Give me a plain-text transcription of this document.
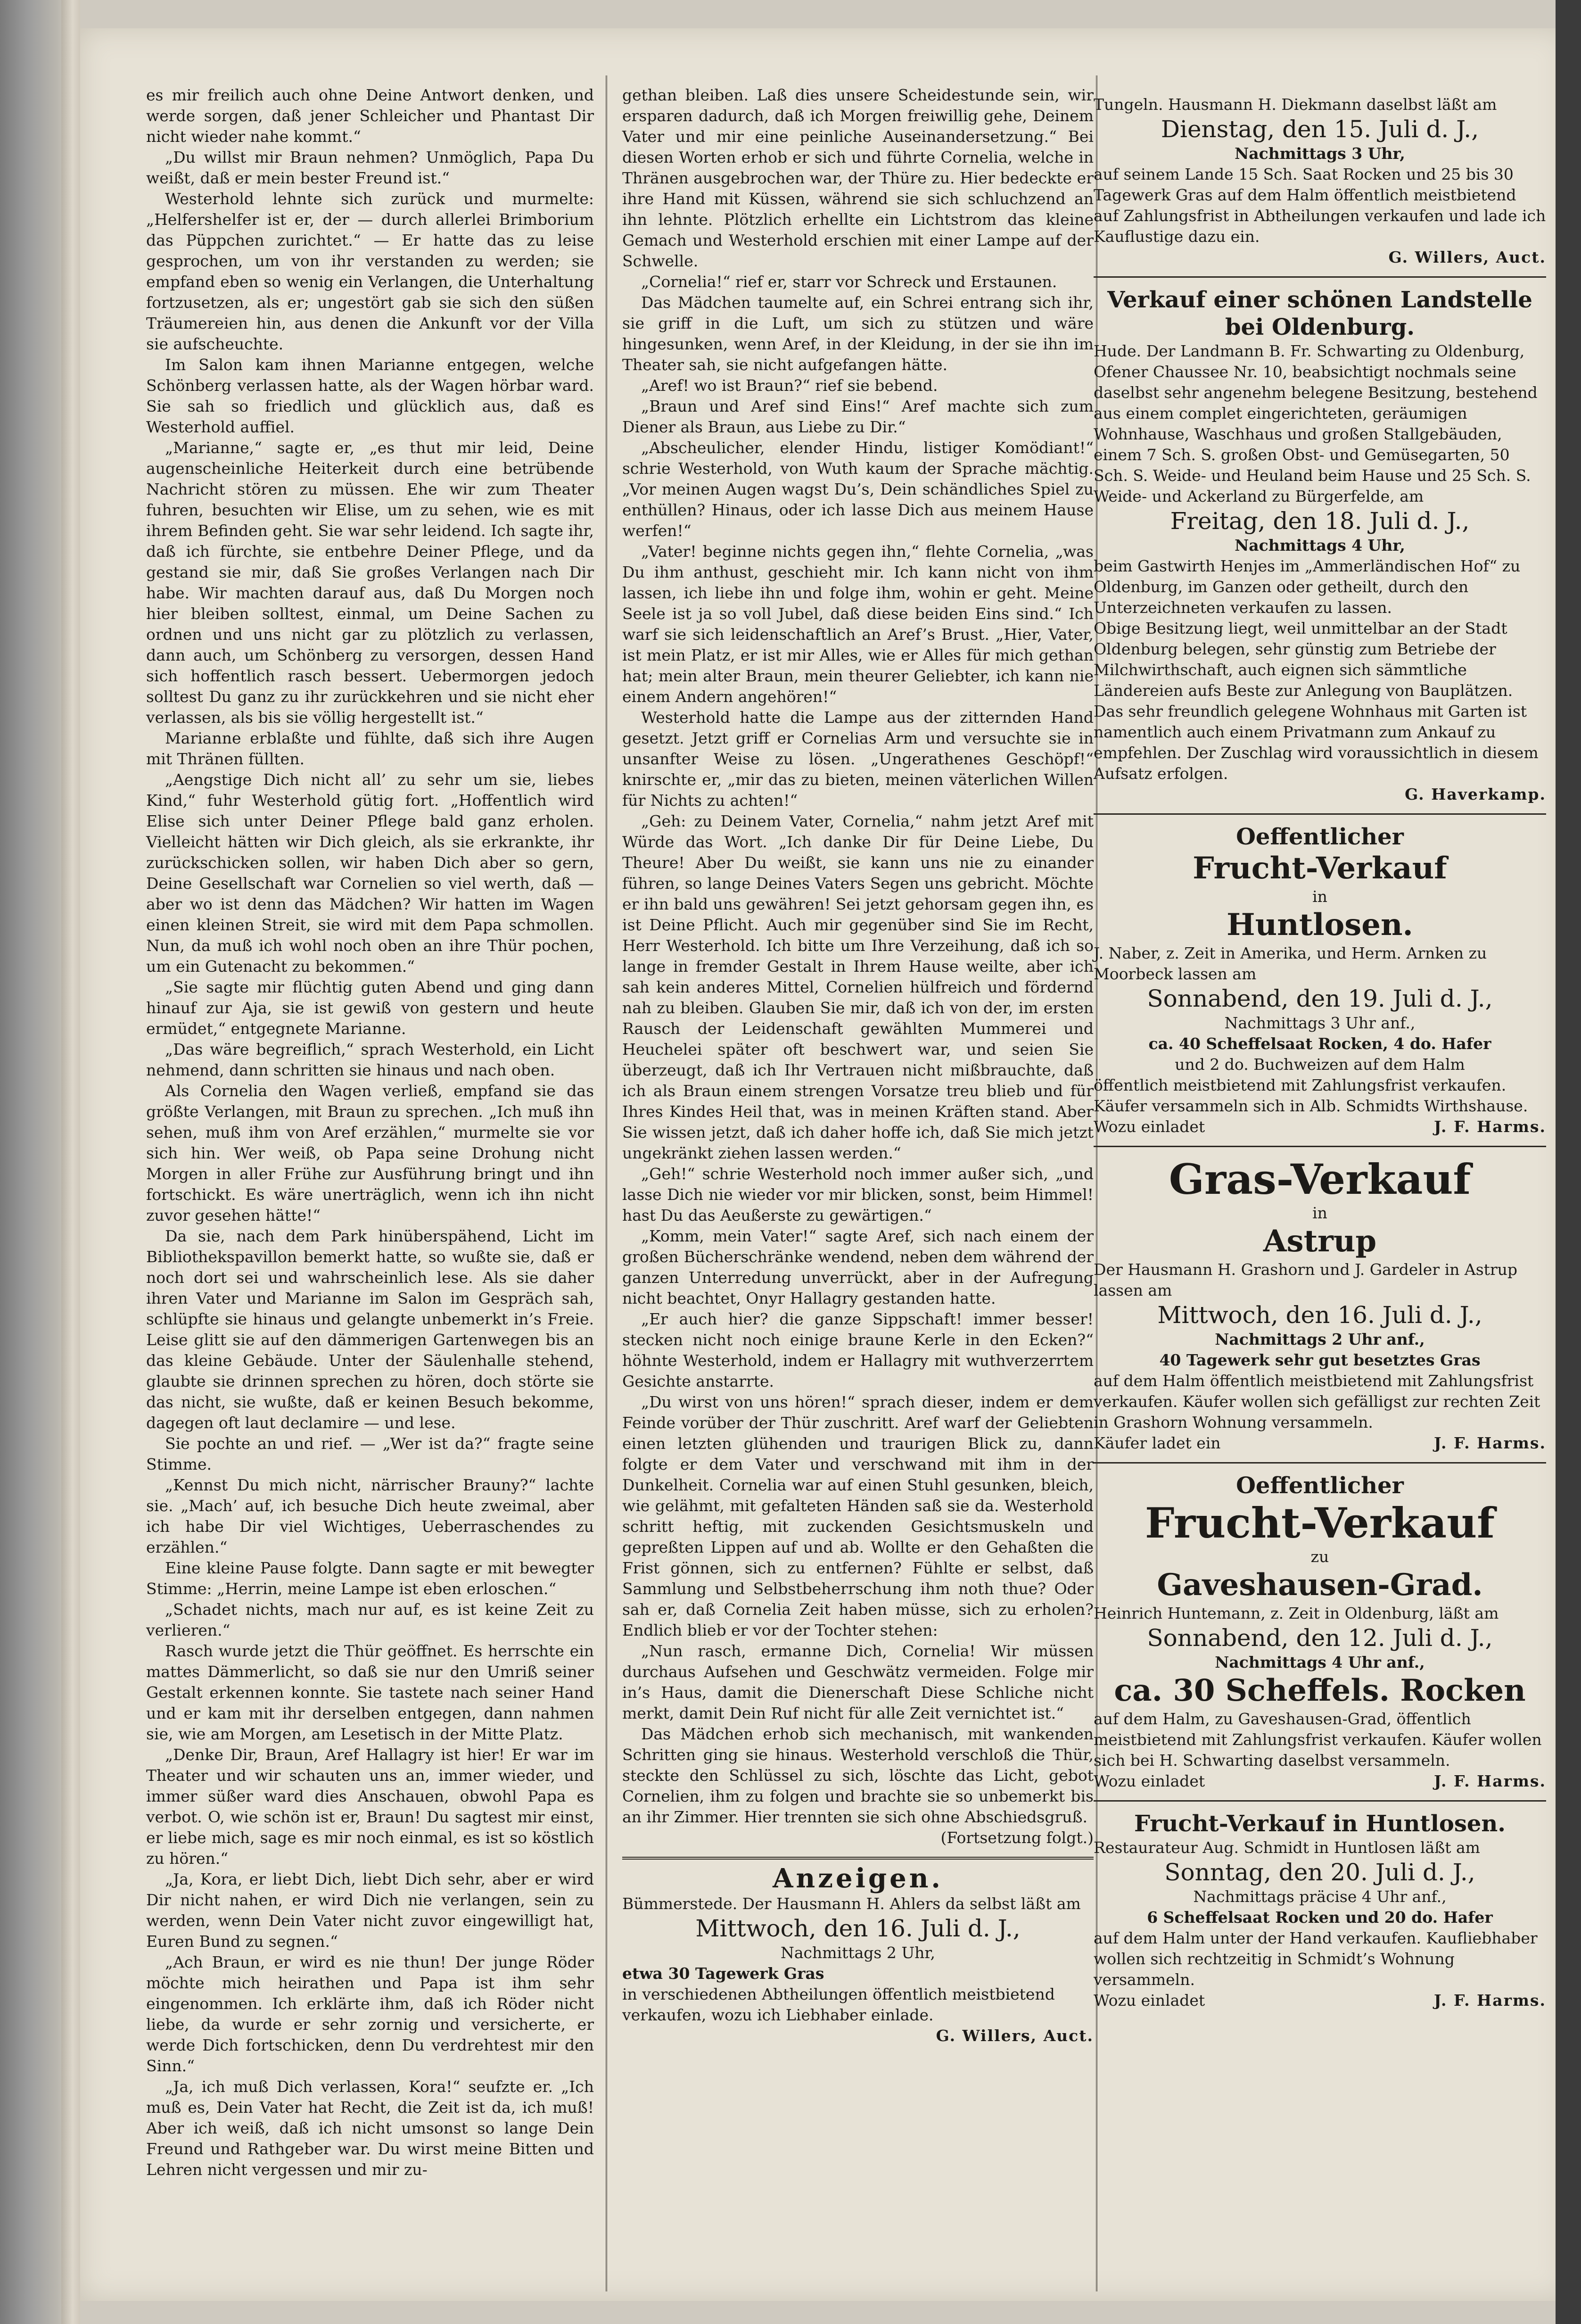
es mir freilich auch ohne Deine Antwort denken, und werde sorgen, daß jener Schleicher und Phantast Dir nicht wieder nahe kommt.“

„Du willst mir Braun nehmen? Unmöglich, Papa Du weißt, daß er mein bester Freund ist.“

Westerhold lehnte sich zurück und murmelte: „Helfershelfer ist er, der — durch allerlei Brimborium das Püppchen zurichtet.“ — Er hatte das zu leise gesprochen, um von ihr verstanden zu werden; sie empfand eben so wenig ein Verlangen, die Unterhaltung fortzusetzen, als er; ungestört gab sie sich den süßen Träumereien hin, aus denen die Ankunft vor der Villa sie aufscheuchte.

Im Salon kam ihnen Marianne entgegen, welche Schönberg verlassen hatte, als der Wagen hörbar ward. Sie sah so friedlich und glücklich aus, daß es Westerhold auffiel.

„Marianne,“ sagte er, „es thut mir leid, Deine augenscheinliche Heiterkeit durch eine betrübende Nachricht stören zu müssen. Ehe wir zum Theater fuhren, besuchten wir Elise, um zu sehen, wie es mit ihrem Befinden geht. Sie war sehr leidend. Ich sagte ihr, daß ich fürchte, sie entbehre Deiner Pflege, und da gestand sie mir, daß Sie großes Verlangen nach Dir habe. Wir machten darauf aus, daß Du Morgen noch hier bleiben solltest, einmal, um Deine Sachen zu ordnen und uns nicht gar zu plötzlich zu verlassen, dann auch, um Schönberg zu versorgen, dessen Hand sich hoffentlich rasch bessert. Uebermorgen jedoch solltest Du ganz zu ihr zurückkehren und sie nicht eher verlassen, als bis sie völlig hergestellt ist.“

Marianne erblaßte und fühlte, daß sich ihre Augen mit Thränen füllten.

„Aengstige Dich nicht all’ zu sehr um sie, liebes Kind,“ fuhr Westerhold gütig fort. „Hoffentlich wird Elise sich unter Deiner Pflege bald ganz erholen. Vielleicht hätten wir Dich gleich, als sie erkrankte, ihr zurückschicken sollen, wir haben Dich aber so gern, Deine Gesellschaft war Cornelien so viel werth, daß — aber wo ist denn das Mädchen? Wir hatten im Wagen einen kleinen Streit, sie wird mit dem Papa schmollen. Nun, da muß ich wohl noch oben an ihre Thür pochen, um ein Gutenacht zu bekommen.“

„Sie sagte mir flüchtig guten Abend und ging dann hinauf zur Aja, sie ist gewiß von gestern und heute ermüdet,“ entgegnete Marianne.

„Das wäre begreiflich,“ sprach Westerhold, ein Licht nehmend, dann schritten sie hinaus und nach oben.

Als Cornelia den Wagen verließ, empfand sie das größte Verlangen, mit Braun zu sprechen. „Ich muß ihn sehen, muß ihm von Aref erzählen,“ murmelte sie vor sich hin. Wer weiß, ob Papa seine Drohung nicht Morgen in aller Frühe zur Ausführung bringt und ihn fortschickt. Es wäre unerträglich, wenn ich ihn nicht zuvor gesehen hätte!“

Da sie, nach dem Park hinüberspähend, Licht im Bibliothekspavillon bemerkt hatte, so wußte sie, daß er noch dort sei und wahrscheinlich lese. Als sie daher ihren Vater und Marianne im Salon im Gespräch sah, schlüpfte sie hinaus und gelangte unbemerkt in’s Freie. Leise glitt sie auf den dämmerigen Gartenwegen bis an das kleine Gebäude. Unter der Säulenhalle stehend, glaubte sie drinnen sprechen zu hören, doch störte sie das nicht, sie wußte, daß er keinen Besuch bekomme, dagegen oft laut declamire — und lese.

Sie pochte an und rief. — „Wer ist da?“ fragte seine Stimme.

„Kennst Du mich nicht, närrischer Brauny?“ lachte sie. „Mach’ auf, ich besuche Dich heute zweimal, aber ich habe Dir viel Wichtiges, Ueberraschendes zu erzählen.“

Eine kleine Pause folgte. Dann sagte er mit bewegter Stimme: „Herrin, meine Lampe ist eben erloschen.“

„Schadet nichts, mach nur auf, es ist keine Zeit zu verlieren.“

Rasch wurde jetzt die Thür geöffnet. Es herrschte ein mattes Dämmerlicht, so daß sie nur den Umriß seiner Gestalt erkennen konnte. Sie tastete nach seiner Hand und er kam mit ihr derselben entgegen, dann nahmen sie, wie am Morgen, am Lesetisch in der Mitte Platz.

„Denke Dir, Braun, Aref Hallagry ist hier! Er war im Theater und wir schauten uns an, immer wieder, und immer süßer ward dies Anschauen, obwohl Papa es verbot. O, wie schön ist er, Braun! Du sagtest mir einst, er liebe mich, sage es mir noch einmal, es ist so köstlich zu hören.“

„Ja, Kora, er liebt Dich, liebt Dich sehr, aber er wird Dir nicht nahen, er wird Dich nie verlangen, sein zu werden, wenn Dein Vater nicht zuvor eingewilligt hat, Euren Bund zu segnen.“

„Ach Braun, er wird es nie thun! Der junge Röder möchte mich heirathen und Papa ist ihm sehr eingenommen. Ich erklärte ihm, daß ich Röder nicht liebe, da wurde er sehr zornig und versicherte, er werde Dich fortschicken, denn Du verdrehtest mir den Sinn.“

„Ja, ich muß Dich verlassen, Kora!“ seufzte er. „Ich muß es, Dein Vater hat Recht, die Zeit ist da, ich muß! Aber ich weiß, daß ich nicht umsonst so lange Dein Freund und Rathgeber war. Du wirst meine Bitten und Lehren nicht vergessen und mir zu-

gethan bleiben. Laß dies unsere Scheidestunde sein, wir ersparen dadurch, daß ich Morgen freiwillig gehe, Deinem Vater und mir eine peinliche Auseinandersetzung.“ Bei diesen Worten erhob er sich und führte Cornelia, welche in Thränen ausgebrochen war, der Thüre zu. Hier bedeckte er ihre Hand mit Küssen, während sie sich schluchzend an ihn lehnte. Plötzlich erhellte ein Lichtstrom das kleine Gemach und Westerhold erschien mit einer Lampe auf der Schwelle.

„Cornelia!“ rief er, starr vor Schreck und Erstaunen.

Das Mädchen taumelte auf, ein Schrei entrang sich ihr, sie griff in die Luft, um sich zu stützen und wäre hingesunken, wenn Aref, in der Kleidung, in der sie ihn im Theater sah, sie nicht aufgefangen hätte.

„Aref! wo ist Braun?“ rief sie bebend.

„Braun und Aref sind Eins!“ Aref machte sich zum Diener als Braun, aus Liebe zu Dir.“

„Abscheulicher, elender Hindu, listiger Komödiant!“ schrie Westerhold, von Wuth kaum der Sprache mächtig. „Vor meinen Augen wagst Du’s, Dein schändliches Spiel zu enthüllen? Hinaus, oder ich lasse Dich aus meinem Hause werfen!“

„Vater! beginne nichts gegen ihn,“ flehte Cornelia, „was Du ihm anthust, geschieht mir. Ich kann nicht von ihm lassen, ich liebe ihn und folge ihm, wohin er geht. Meine Seele ist ja so voll Jubel, daß diese beiden Eins sind.“ Ich warf sie sich leidenschaftlich an Aref’s Brust. „Hier, Vater, ist mein Platz, er ist mir Alles, wie er Alles für mich gethan hat; mein alter Braun, mein theurer Geliebter, ich kann nie einem Andern angehören!“

Westerhold hatte die Lampe aus der zitternden Hand gesetzt. Jetzt griff er Cornelias Arm und versuchte sie in unsanfter Weise zu lösen. „Ungerathenes Geschöpf!“ knirschte er, „mir das zu bieten, meinen väterlichen Willen für Nichts zu achten!“

„Geh: zu Deinem Vater, Cornelia,“ nahm jetzt Aref mit Würde das Wort. „Ich danke Dir für Deine Liebe, Du Theure! Aber Du weißt, sie kann uns nie zu einander führen, so lange Deines Vaters Segen uns gebricht. Möchte er ihn bald uns gewähren! Sei jetzt gehorsam gegen ihn, es ist Deine Pflicht. Auch mir gegenüber sind Sie im Recht, Herr Westerhold. Ich bitte um Ihre Verzeihung, daß ich so lange in fremder Gestalt in Ihrem Hause weilte, aber ich sah kein anderes Mittel, Cornelien hülfreich und fördernd nah zu bleiben. Glauben Sie mir, daß ich von der, im ersten Rausch der Leidenschaft gewählten Mummerei und Heuchelei später oft beschwert war, und seien Sie überzeugt, daß ich Ihr Vertrauen nicht mißbrauchte, daß ich als Braun einem strengen Vorsatze treu blieb und für Ihres Kindes Heil that, was in meinen Kräften stand. Aber Sie wissen jetzt, daß ich daher hoffe ich, daß Sie mich jetzt ungekränkt ziehen lassen werden.“

„Geh!“ schrie Westerhold noch immer außer sich, „und lasse Dich nie wieder vor mir blicken, sonst, beim Himmel! hast Du das Aeußerste zu gewärtigen.“

„Komm, mein Vater!“ sagte Aref, sich nach einem der großen Bücherschränke wendend, neben dem während der ganzen Unterredung unverrückt, aber in der Aufregung nicht beachtet, Onyr Hallagry gestanden hatte.

„Er auch hier? die ganze Sippschaft! immer besser! stecken nicht noch einige braune Kerle in den Ecken?“ höhnte Westerhold, indem er Hallagry mit wuthverzerrtem Gesichte anstarrte.

„Du wirst von uns hören!“ sprach dieser, indem er dem Feinde vorüber der Thür zuschritt. Aref warf der Geliebten einen letzten glühenden und traurigen Blick zu, dann folgte er dem Vater und verschwand mit ihm in der Dunkelheit. Cornelia war auf einen Stuhl gesunken, bleich, wie gelähmt, mit gefalteten Händen saß sie da. Westerhold schritt heftig, mit zuckenden Gesichtsmuskeln und gepreßten Lippen auf und ab. Wollte er den Gehaßten die Frist gönnen, sich zu entfernen? Fühlte er selbst, daß Sammlung und Selbstbeherrschung ihm noth thue? Oder sah er, daß Cornelia Zeit haben müsse, sich zu erholen? Endlich blieb er vor der Tochter stehen:

„Nun rasch, ermanne Dich, Cornelia! Wir müssen durchaus Aufsehen und Geschwätz vermeiden. Folge mir in’s Haus, damit die Dienerschaft Diese Schliche nicht merkt, damit Dein Ruf nicht für alle Zeit vernichtet ist.“

Das Mädchen erhob sich mechanisch, mit wankenden Schritten ging sie hinaus. Westerhold verschloß die Thür, steckte den Schlüssel zu sich, löschte das Licht, gebot Cornelien, ihm zu folgen und brachte sie so unbemerkt bis an ihr Zimmer. Hier trennten sie sich ohne Abschiedsgruß.

(Fortsetzung folgt.)
Anzeigen.
Bümmerstede. Der Hausmann H. Ahlers da selbst läßt am
Mittwoch, den 16. Juli d. J.,
Nachmittags 2 Uhr,
etwa 30 Tagewerk Gras
in verschiedenen Abtheilungen öffentlich meistbietend verkaufen, wozu ich Liebhaber einlade.
G. Willers, Auct.
Tungeln. Hausmann H. Diekmann daselbst läßt am
Dienstag, den 15. Juli d. J.,
Nachmittags 3 Uhr,
auf seinem Lande 15 Sch. Saat Rocken und 25 bis 30 Tagewerk Gras auf dem Halm öffentlich meistbietend auf Zahlungsfrist in Abtheilungen verkaufen und lade ich Kauflustige dazu ein.
G. Willers, Auct.
Verkauf einer schönen Landstelle
bei Oldenburg.
Hude. Der Landmann B. Fr. Schwarting zu Oldenburg, Ofener Chaussee Nr. 10, beabsichtigt nochmals seine daselbst sehr angenehm belegene Besitzung, bestehend aus einem complet eingerichteten, geräumigen Wohnhause, Waschhaus und großen Stallgebäuden, einem 7 Sch. S. großen Obst- und Gemüsegarten, 50 Sch. S. Weide- und Heuland beim Hause und 25 Sch. S. Weide- und Ackerland zu Bürgerfelde, am
Freitag, den 18. Juli d. J.,
Nachmittags 4 Uhr,
beim Gastwirth Henjes im „Ammerländischen Hof“ zu Oldenburg, im Ganzen oder getheilt, durch den Unterzeichneten verkaufen zu lassen.
Obige Besitzung liegt, weil unmittelbar an der Stadt Oldenburg belegen, sehr günstig zum Betriebe der Milchwirthschaft, auch eignen sich sämmtliche Ländereien aufs Beste zur Anlegung von Bauplätzen. Das sehr freundlich gelegene Wohnhaus mit Garten ist namentlich auch einem Privatmann zum Ankauf zu empfehlen. Der Zuschlag wird voraussichtlich in diesem Aufsatz erfolgen.
G. Haverkamp.
Oeffentlicher
Frucht-Verkauf
in
Huntlosen.
J. Naber, z. Zeit in Amerika, und Herm. Arnken zu Moorbeck lassen am
Sonnabend, den 19. Juli d. J.,
Nachmittags 3 Uhr anf.,
ca. 40 Scheffelsaat Rocken, 4 do. Hafer
und 2 do. Buchweizen auf dem Halm
öffentlich meistbietend mit Zahlungsfrist verkaufen. Käufer versammeln sich in Alb. Schmidts Wirthshause.
Wozu einladet	J. F. Harms.
Gras-Verkauf
in
Astrup
Der Hausmann H. Grashorn und J. Gardeler in Astrup lassen am
Mittwoch, den 16. Juli d. J.,
Nachmittags 2 Uhr anf.,
40 Tagewerk sehr gut besetztes Gras
auf dem Halm öffentlich meistbietend mit Zahlungsfrist verkaufen. Käufer wollen sich gefälligst zur rechten Zeit in Grashorn Wohnung versammeln.
Käufer ladet ein	J. F. Harms.
Oeffentlicher
Frucht-Verkauf
zu
Gaveshausen-Grad.
Heinrich Huntemann, z. Zeit in Oldenburg, läßt am
Sonnabend, den 12. Juli d. J.,
Nachmittags 4 Uhr anf.,
ca. 30 Scheffels. Rocken
auf dem Halm, zu Gaveshausen-Grad, öffentlich meistbietend mit Zahlungsfrist verkaufen. Käufer wollen sich bei H. Schwarting daselbst versammeln.
Wozu einladet	J. F. Harms.
Frucht-Verkauf in Huntlosen.
Restaurateur Aug. Schmidt in Huntlosen läßt am
Sonntag, den 20. Juli d. J.,
Nachmittags präcise 4 Uhr anf.,
6 Scheffelsaat Rocken und 20 do. Hafer
auf dem Halm unter der Hand verkaufen. Kaufliebhaber wollen sich rechtzeitig in Schmidt’s Wohnung versammeln.
Wozu einladet	J. F. Harms.
